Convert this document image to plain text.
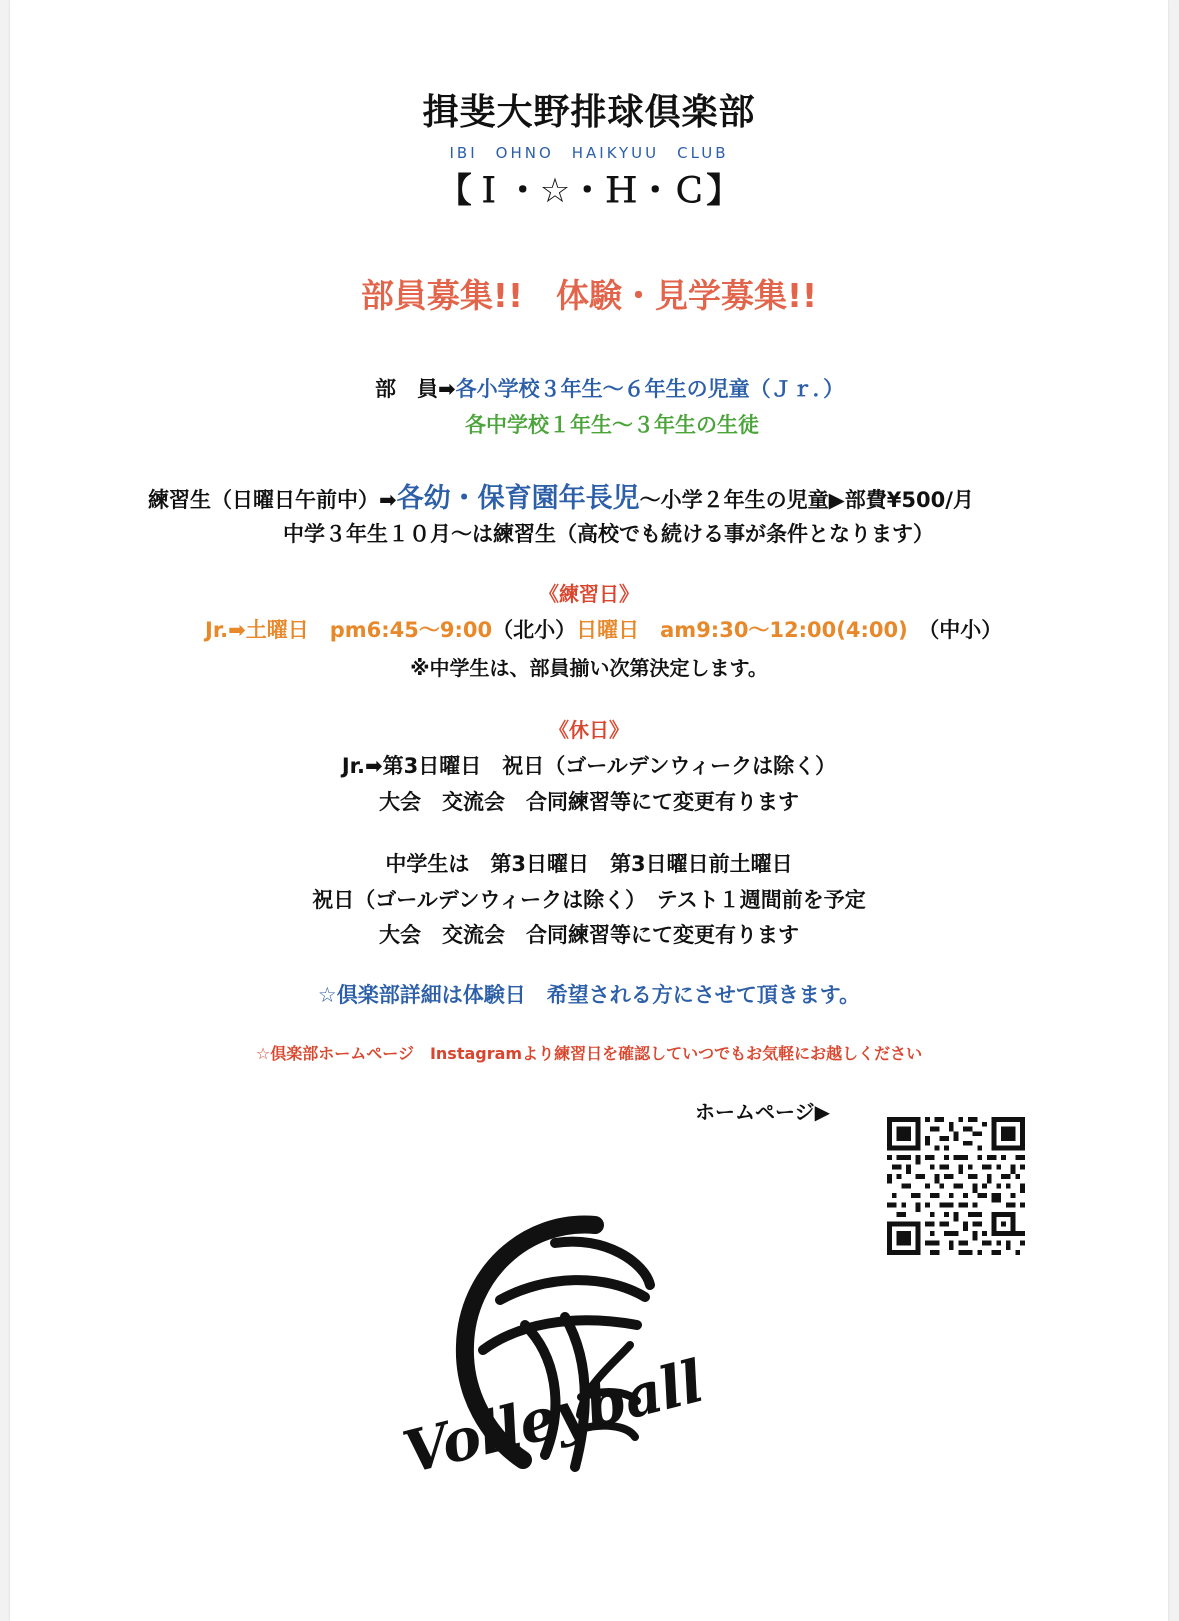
揖斐大野排球倶楽部
IBI　OHNO　HAIKYUU　CLUB
【Ｉ・☆・Ｈ・Ｃ】
部員募集!!　体験・見学募集!!
部　員➡各小学校３年生～６年生の児童（Ｊｒ．）
各中学校１年生～３年生の生徒
練習生（日曜日午前中）➡各幼・保育園年長児～小学２年生の児童▶部費¥500/月
中学３年生１０月～は練習生（高校でも続ける事が条件となります）
《練習日》
Jr.➡土曜日　pm6:45～9:00（北小）日曜日　am9:30～12:00(4:00)　 （中小）
※中学生は、部員揃い次第決定します。
《休日》
Jr.➡第3日曜日　祝日（ゴールデンウィークは除く）
大会　交流会　合同練習等にて変更有ります
中学生は　第3日曜日　第3日曜日前土曜日
祝日（ゴールデンウィークは除く）　テスト１週間前を予定
大会　交流会　合同練習等にて変更有ります
☆倶楽部詳細は体験日　希望される方にさせて頂きます。
☆倶楽部ホームページ　Instagramより練習日を確認していつでもお気軽にお越しください
ホームページ▶
Volleyball
